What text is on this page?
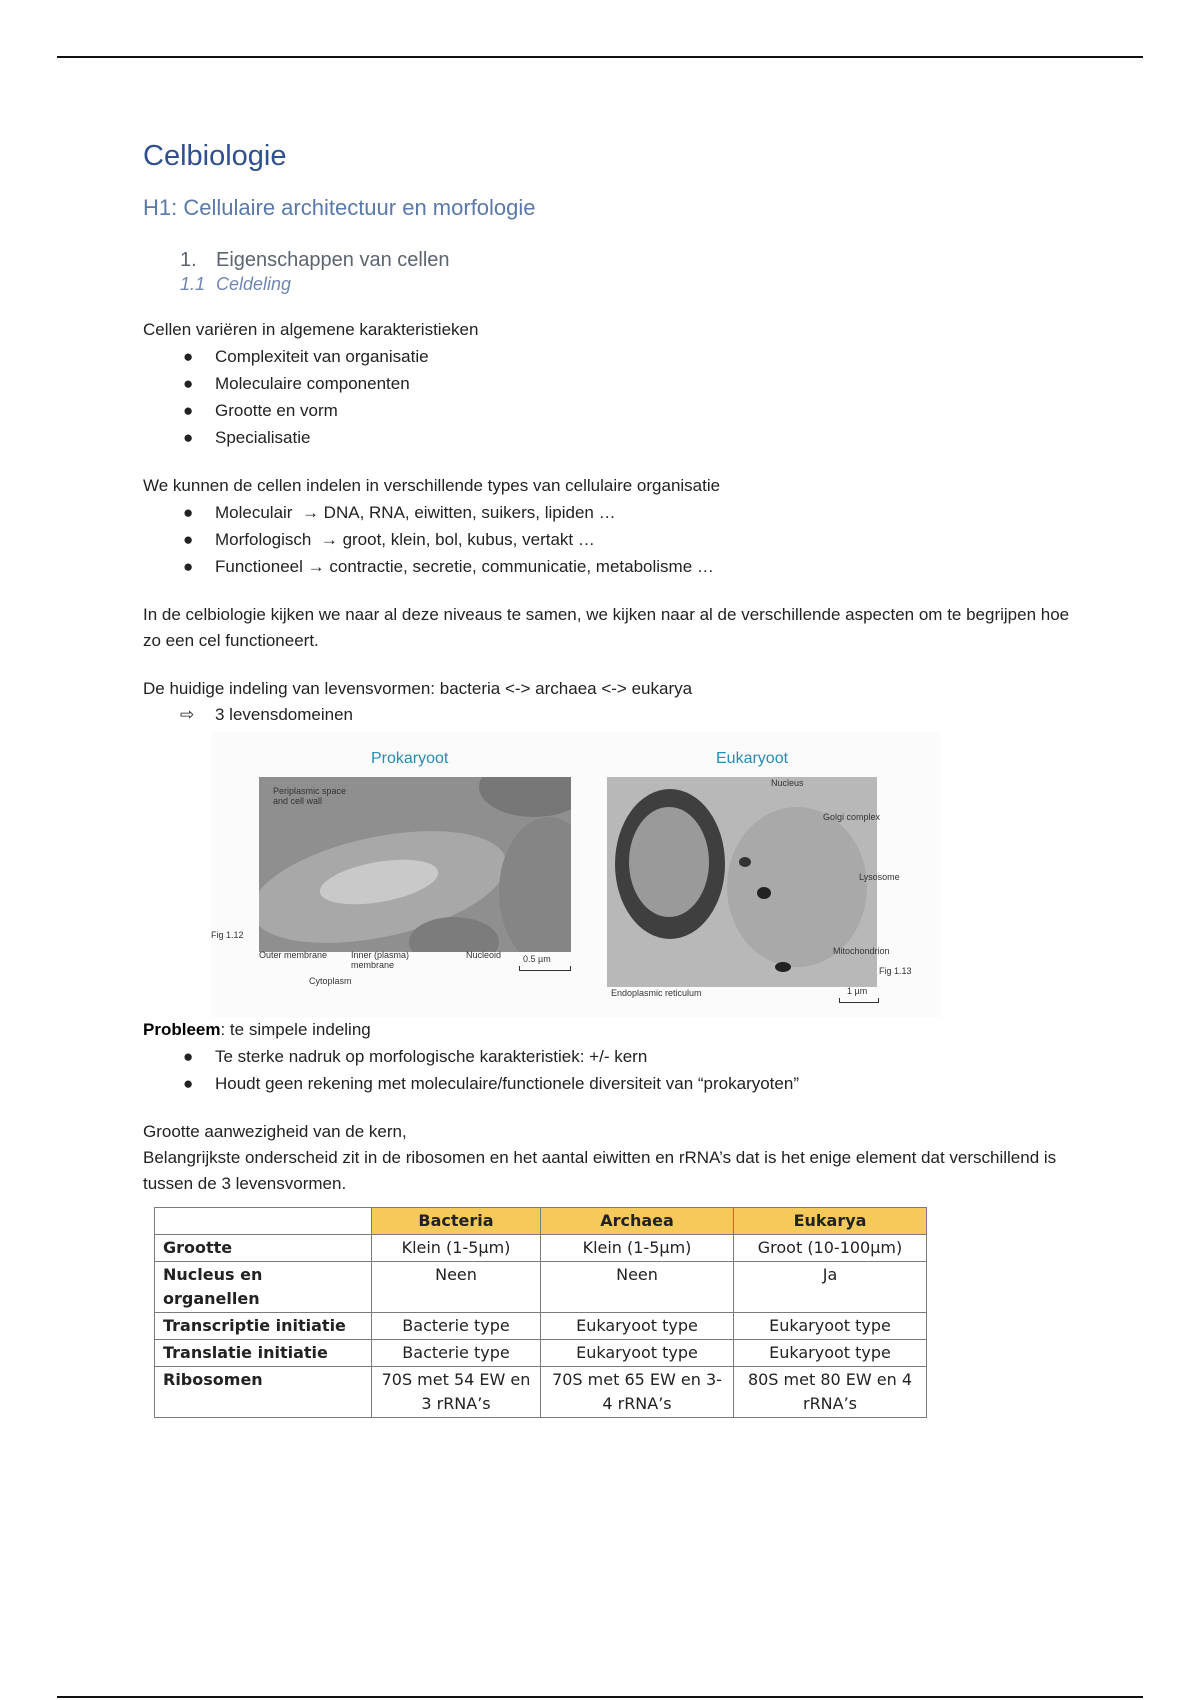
Celbiologie
H1: Cellulaire architectuur en morfologie
1. Eigenschappen van cellen
1.1 Celdeling

Cellen variëren in algemene karakteristieken

● Complexiteit van organisatie
● Moleculaire componenten
● Grootte en vorm
● Specialisatie

We kunnen de cellen indelen in verschillende types van cellulaire organisatie

● Moleculair → DNA, RNA, eiwitten, suikers, lipiden …
● Morfologisch → groot, klein, bol, kubus, vertakt …
● Functioneel → contractie, secretie, communicatie, metabolisme …

In de celbiologie kijken we naar al deze niveaus te samen, we kijken naar al de verschillende aspecten om te begrijpen hoe zo een cel functioneert.

De huidige indeling van levensvormen: bacteria <-> archaea <-> eukarya

⇨ 3 levensdomeinen
Prokaryoot	Eukaryoot
Periplasmic space and cell wall
Fig 1.12
Outer membrane	Inner (plasma) membrane
Nucleoid
Cytoplasm
0.5 µm
Nucleus
Golgi complex
Lysosome
Mitochondrion
Fig 1.13
Endoplasmic reticulum	1 µm

Probleem: te simpele indeling

● Te sterke nadruk op morfologische karakteristiek: +/- kern
● Houdt geen rekening met moleculaire/functionele diversiteit van “prokaryoten”

Grootte aanwezigheid van de kern,

Belangrijkste onderscheid zit in de ribosomen en het aantal eiwitten en rRNA’s dat is het enige element dat verschillend is tussen de 3 levensvormen.

	Bacteria	Archaea	Eukarya
Grootte	Klein (1-5µm)	Klein (1-5µm)	Groot (10-100µm)
Nucleus en organellen	Neen	Neen	Ja
Transcriptie initiatie	Bacterie type	Eukaryoot type	Eukaryoot type
Translatie initiatie	Bacterie type	Eukaryoot type	Eukaryoot type
Ribosomen	70S met 54 EW en 3 rRNA’s	70S met 65 EW en 3-4 rRNA’s	80S met 80 EW en 4 rRNA’s
